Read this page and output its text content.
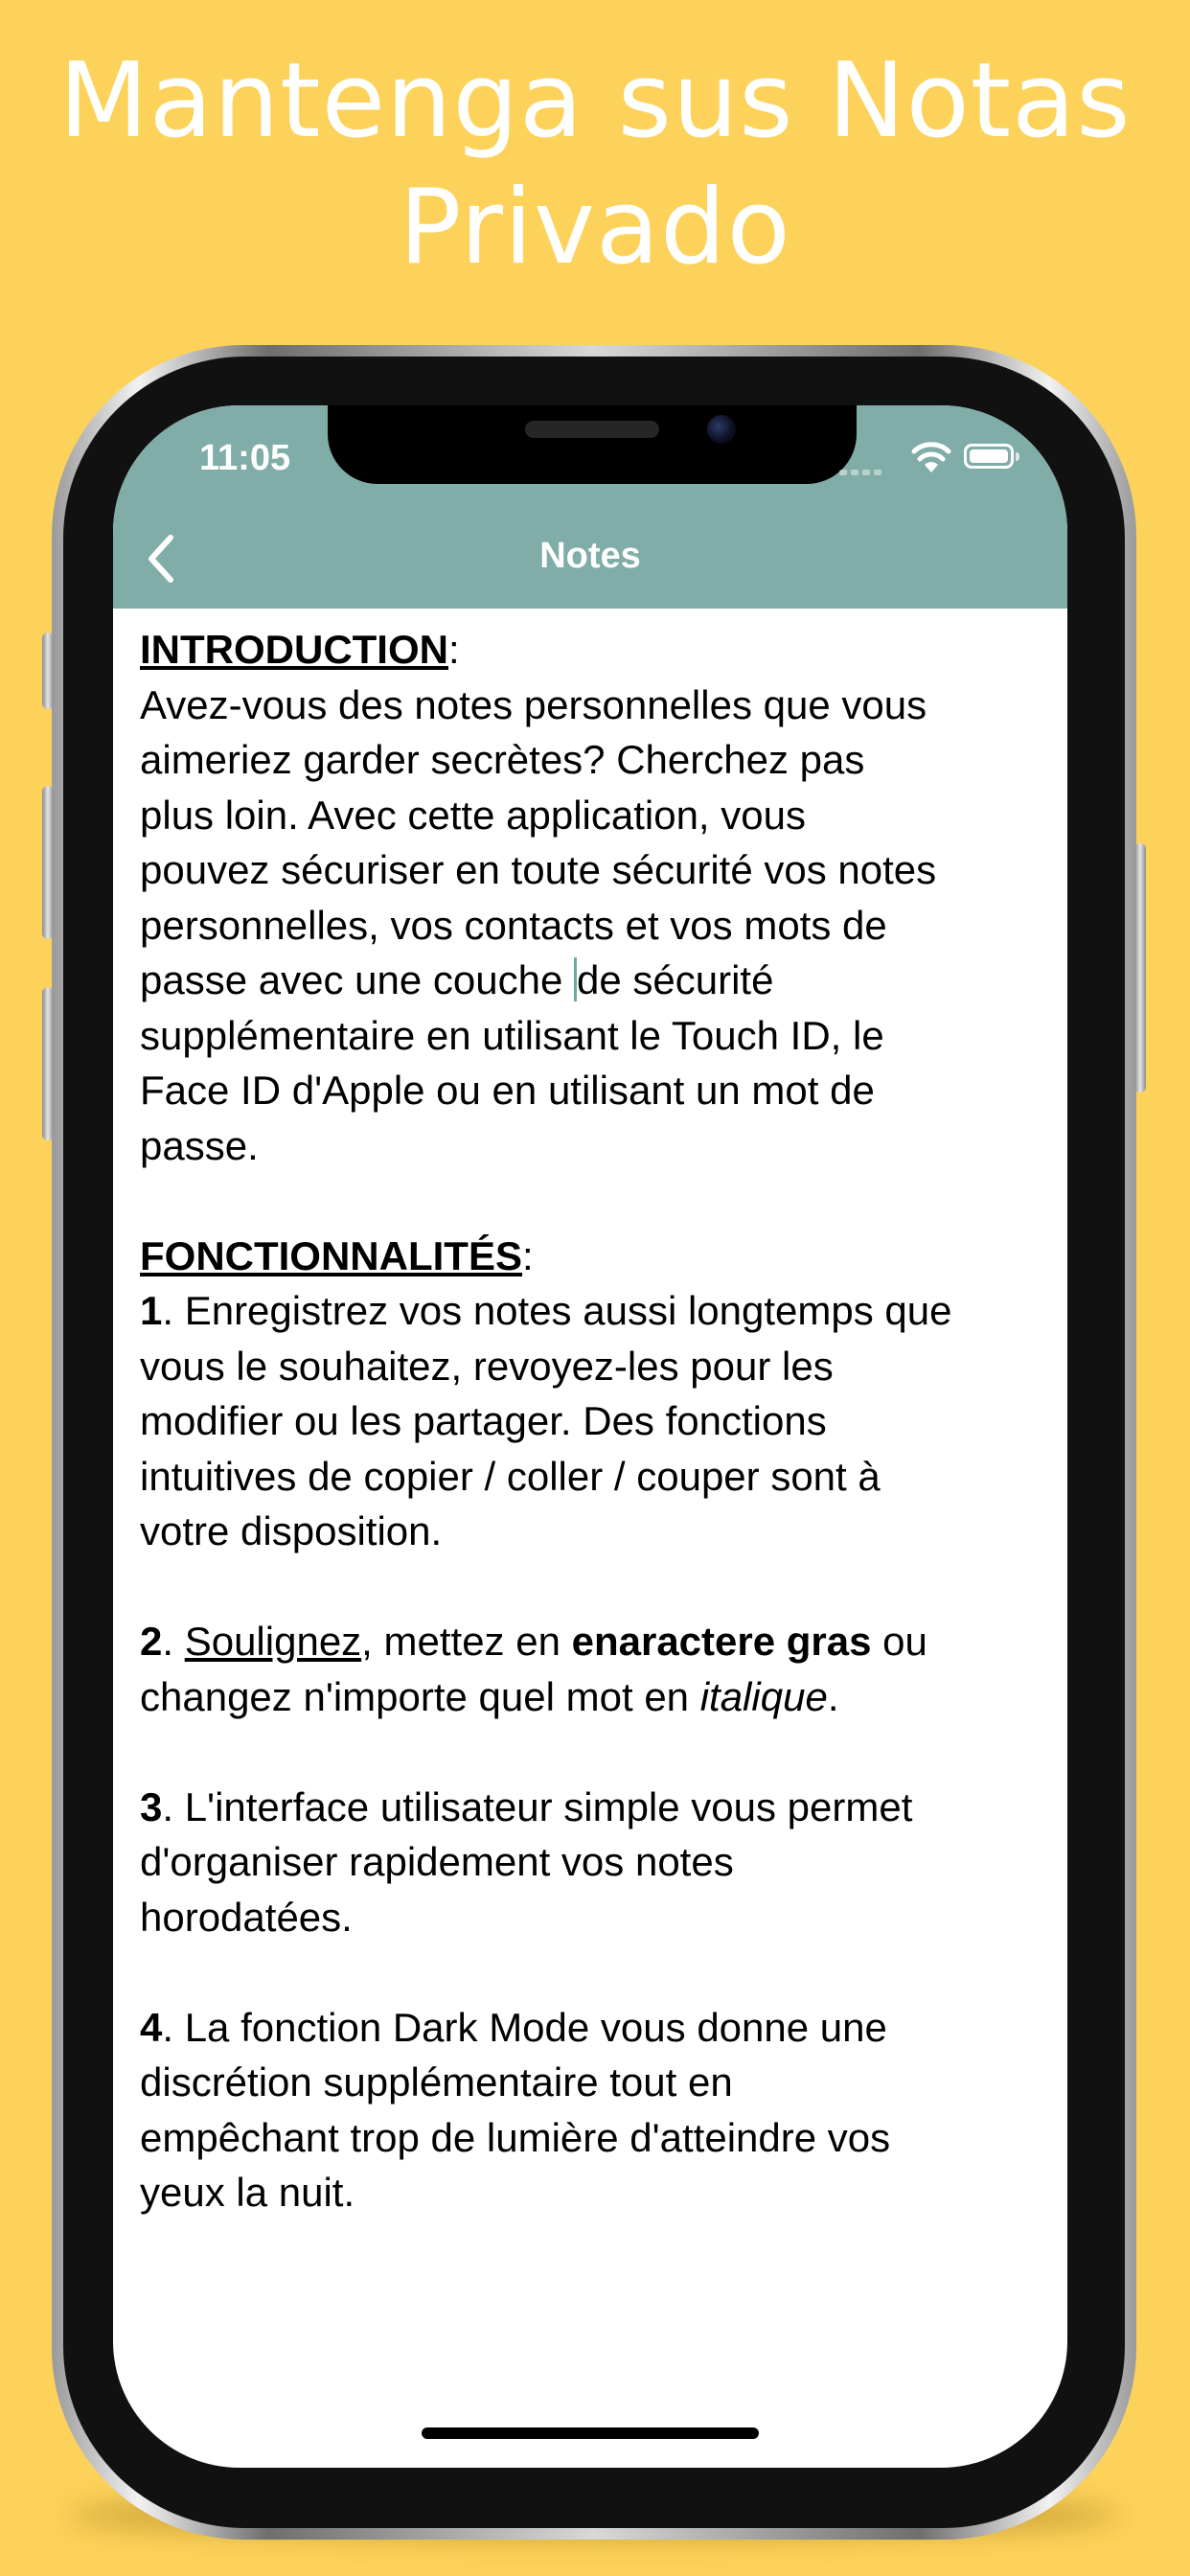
Mantenga sus Notas
Privado
11:05
Notes
INTRODUCTION:
Avez-vous des notes personnelles que vous
aimeriez garder secrètes? Cherchez pas
plus loin. Avec cette application, vous
pouvez sécuriser en toute sécurité vos notes
personnelles, vos contacts et vos mots de
passe avec une couche de sécurité
supplémentaire en utilisant le Touch ID, le
Face ID d'Apple ou en utilisant un mot de
passe.
FONCTIONNALITÉS:
1. Enregistrez vos notes aussi longtemps que
vous le souhaitez, revoyez-les pour les
modifier ou les partager. Des fonctions
intuitives de copier / coller / couper sont à
votre disposition.
2. Soulignez, mettez en enaractere gras ou
changez n'importe quel mot en italique.
3. L'interface utilisateur simple vous permet
d'organiser rapidement vos notes
horodatées.
4. La fonction Dark Mode vous donne une
discrétion supplémentaire tout en
empêchant trop de lumière d'atteindre vos
yeux la nuit.
